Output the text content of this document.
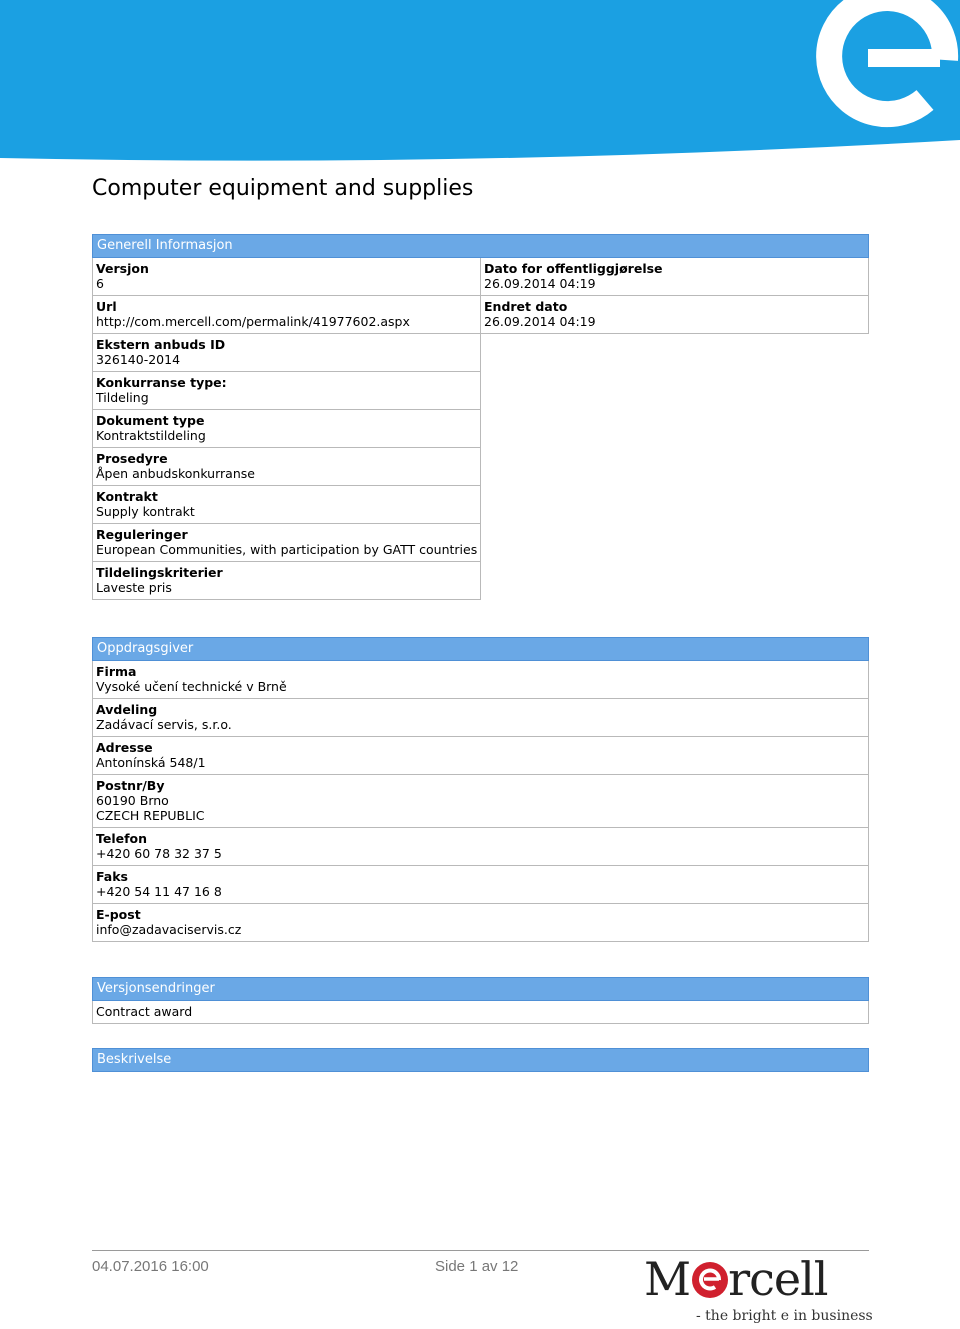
Computer equipment and supplies
Generell Informasjon
Versjon
6
Url
http://com.mercell.com/permalink/41977602.aspx
Ekstern anbuds ID
326140-2014
Konkurranse type:
Tildeling
Dokument type
Kontraktstildeling
Prosedyre
Åpen anbudskonkurranse
Kontrakt
Supply kontrakt
Reguleringer
European Communities, with participation by GATT countries
Tildelingskriterier
Laveste pris
Dato for offentliggjørelse
26.09.2014 04:19
Endret dato
26.09.2014 04:19
Oppdragsgiver
Firma
Vysoké učení technické v Brně
Avdeling
Zadávací servis, s.r.o.
Adresse
Antonínská 548/1
Postnr/By
60190 Brno
CZECH REPUBLIC
Telefon
+420 60 78 32 37 5
Faks
+420 54 11 47 16 8
E-post
info@zadavaciservis.cz
Versjonsendringer
Contract award
Beskrivelse
04.07.2016 16:00	Side 1 av 12	M rcell
- the bright e in business
